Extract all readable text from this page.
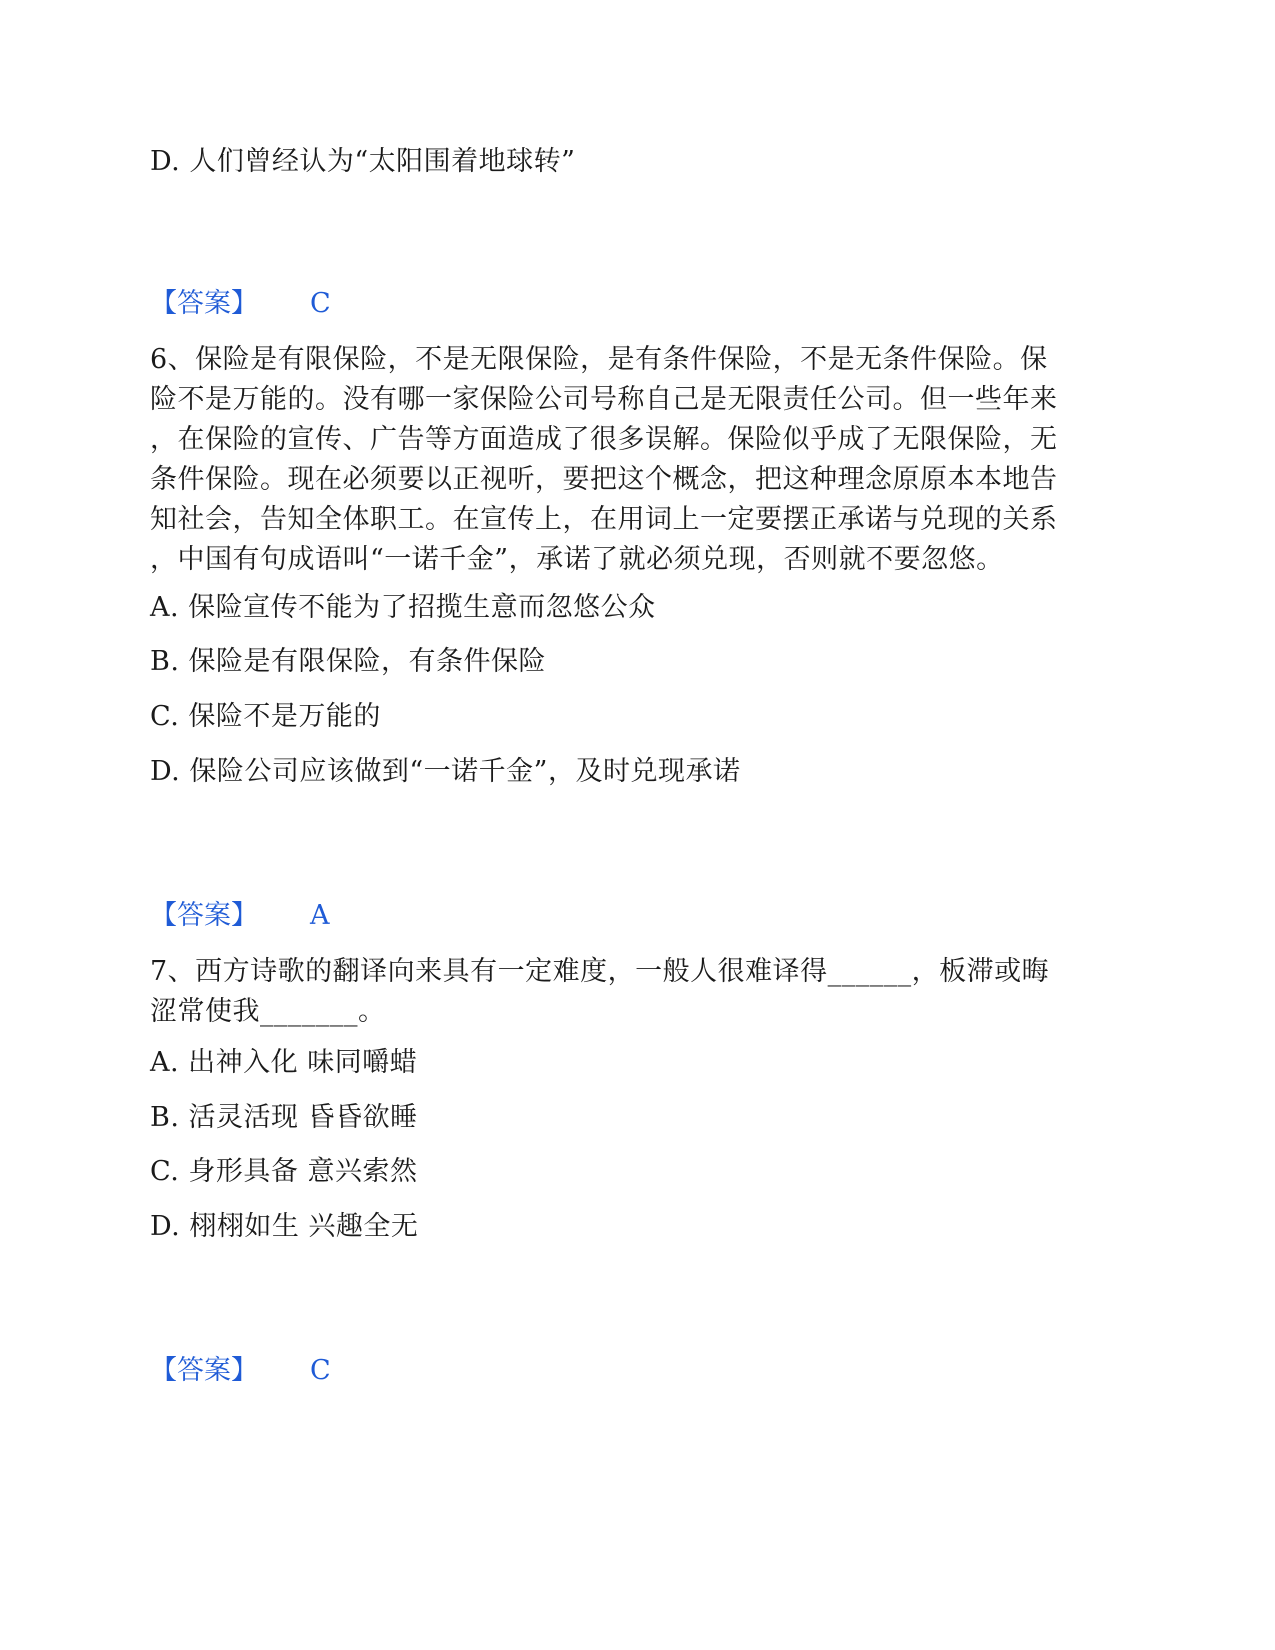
D. 人们曾经认为“太阳围着地球转”
【答案】 C
6、保险是有限保险，不是无限保险，是有条件保险，不是无条件保险。保
险不是万能的。没有哪一家保险公司号称自己是无限责任公司。但一些年来
，在保险的宣传、广告等方面造成了很多误解。保险似乎成了无限保险，无
条件保险。现在必须要以正视听，要把这个概念，把这种理念原原本本地告
知社会，告知全体职工。在宣传上，在用词上一定要摆正承诺与兑现的关系
，中国有句成语叫“一诺千金”，承诺了就必须兑现，否则就不要忽悠。
A. 保险宣传不能为了招揽生意而忽悠公众
B. 保险是有限保险，有条件保险
C. 保险不是万能的
D. 保险公司应该做到“一诺千金”，及时兑现承诺
【答案】 A
7、西方诗歌的翻译向来具有一定难度，一般人很难译得______，板滞或晦
涩常使我_______。
A. 出神入化 味同嚼蜡
B. 活灵活现 昏昏欲睡
C. 身形具备 意兴索然
D. 栩栩如生 兴趣全无
【答案】 C
